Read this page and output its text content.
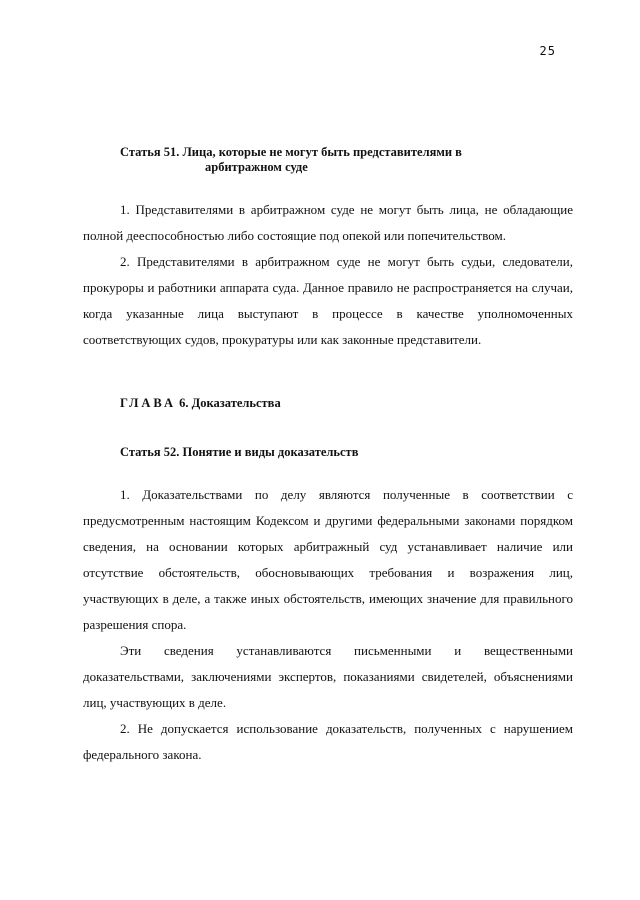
25
Статья 51. Лица, которые не могут быть представителями в
арбитражном суде

1. Представителями в арбитражном суде не могут быть лица, не обладающие полной дееспособностью либо состоящие под опекой или попечительством.

2. Представителями в арбитражном суде не могут быть судьи, следователи, прокуроры и работники аппарата суда. Данное правило не распространяется на случаи, когда указанные лица выступают в процессе в качестве уполномоченных соответствующих судов, прокуратуры или как законные представители.

ГЛАВА 6. Доказательства
Статья 52. Понятие и виды доказательств

1. Доказательствами по делу являются полученные в соответствии с предусмотренным настоящим Кодексом и другими федеральными законами порядком сведения, на основании которых арбитражный суд устанавливает наличие или отсутствие обстоятельств, обосновывающих требования и возражения лиц, участвующих в деле, а также иных обстоятельств, имеющих значение для правильного разрешения спора.

Эти сведения устанавливаются письменными и вещественными доказательствами, заключениями экспертов, показаниями свидетелей, объяснениями лиц, участвующих в деле.

2. Не допускается использование доказательств, полученных с нарушением федерального закона.
